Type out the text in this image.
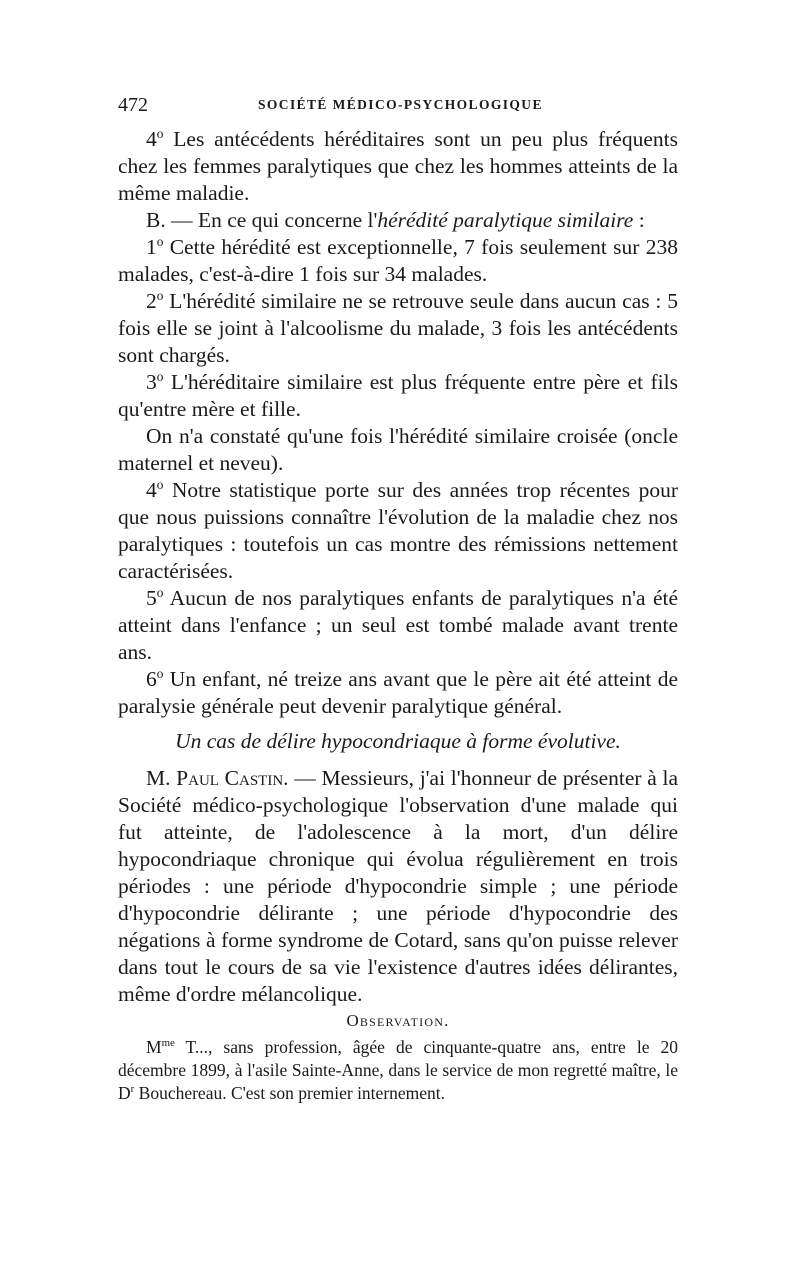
472	SOCIÉTÉ MÉDICO-PSYCHOLOGIQUE

4$^o$ Les antécédents héréditaires sont un peu plus fréquents chez les femmes paralytiques que chez les hommes atteints de la même maladie.

B. — En ce qui concerne l'hérédité paralytique similaire :

1$^o$ Cette hérédité est exceptionnelle, 7 fois seulement sur 238 malades, c'est-à-dire 1 fois sur 34 malades.

2$^o$ L'hérédité similaire ne se retrouve seule dans aucun cas : 5 fois elle se joint à l'alcoolisme du malade, 3 fois les antécédents sont chargés.

3$^o$ L'héréditaire similaire est plus fréquente entre père et fils qu'entre mère et fille.

On n'a constaté qu'une fois l'hérédité similaire croisée (oncle maternel et neveu).

4$^o$ Notre statistique porte sur des années trop récentes pour que nous puissions connaître l'évolution de la maladie chez nos paralytiques : toutefois un cas montre des rémissions nettement caractérisées.

5$^o$ Aucun de nos paralytiques enfants de paralytiques n'a été atteint dans l'enfance ; un seul est tombé malade avant trente ans.

6$^o$ Un enfant, né treize ans avant que le père ait été atteint de paralysie générale peut devenir paralytique général.

Un cas de délire hypocondriaque à forme évolutive.

M. Paul Castin. — Messieurs, j'ai l'honneur de présenter à la Société médico-psychologique l'observation d'une malade qui fut atteinte, de l'adolescence à la mort, d'un délire hypocondriaque chronique qui évolua régulièrement en trois périodes : une période d'hypocondrie simple ; une période d'hypocondrie délirante ; une période d'hypocondrie des négations à forme syndrome de Cotard, sans qu'on puisse relever dans tout le cours de sa vie l'existence d'autres idées délirantes, même d'ordre mélancolique.

Observation.

$M^{me}$ T..., sans profession, âgée de cinquante-quatre ans, entre le 20 décembre 1899, à l'asile Sainte-Anne, dans le service de mon regretté maître, le $D^r$ Bouchereau. C'est son premier internement.
